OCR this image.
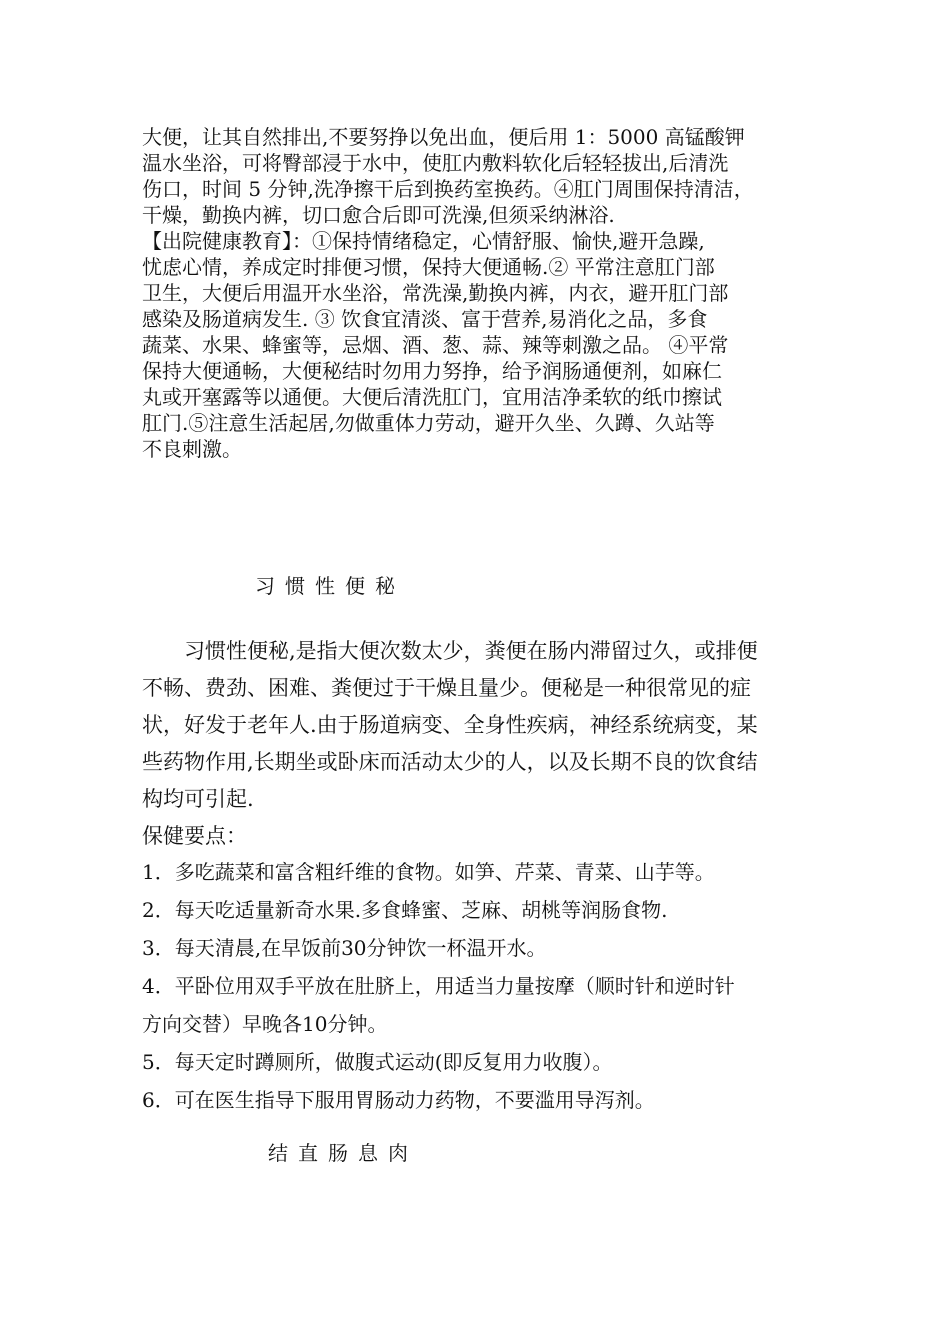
大便，让其自然排出,不要努挣以免出血，便后用 1：5000 高锰酸钾
温水坐浴，可将臀部浸于水中，使肛内敷料软化后轻轻拔出,后清洗
伤口，时间 5 分钟,洗净擦干后到换药室换药。④肛门周围保持清洁，
干燥，勤换内裤，切口愈合后即可洗澡,但须采纳淋浴.
【出院健康教育】：①保持情绪稳定，心情舒服、愉快,避开急躁,
忧虑心情，养成定时排便习惯，保持大便通畅.② 平常注意肛门部
卫生，大便后用温开水坐浴，常洗澡,勤换内裤，内衣，避开肛门部
感染及肠道病发生. ③ 饮食宜清淡、富于营养,易消化之品，多食
蔬菜、水果、蜂蜜等，忌烟、酒、葱、蒜、辣等刺激之品。 ④平常
保持大便通畅，大便秘结时勿用力努挣，给予润肠通便剂，如麻仁
丸或开塞露等以通便。大便后清洗肛门，宜用洁净柔软的纸巾擦试
肛门.⑤注意生活起居,勿做重体力劳动，避开久坐、久蹲、久站等
不良刺激。
习惯性便秘
　　习惯性便秘,是指大便次数太少，粪便在肠内滞留过久，或排便
不畅、费劲、困难、粪便过于干燥且量少。便秘是一种很常见的症
状，好发于老年人.由于肠道病变、全身性疾病，神经系统病变，某
些药物作用,长期坐或卧床而活动太少的人，以及长期不良的饮食结
构均可引起.
保健要点：
1．多吃蔬菜和富含粗纤维的食物。如笋、芹菜、青菜、山芋等。
2．每天吃适量新奇水果.多食蜂蜜、芝麻、胡桃等润肠食物.
3．每天清晨,在早饭前30分钟饮一杯温开水。
4．平卧位用双手平放在肚脐上，用适当力量按摩（顺时针和逆时针
方向交替）早晚各10分钟。
5．每天定时蹲厕所，做腹式运动(即反复用力收腹）。
6．可在医生指导下服用胃肠动力药物，不要滥用导泻剂。
结直肠息肉
